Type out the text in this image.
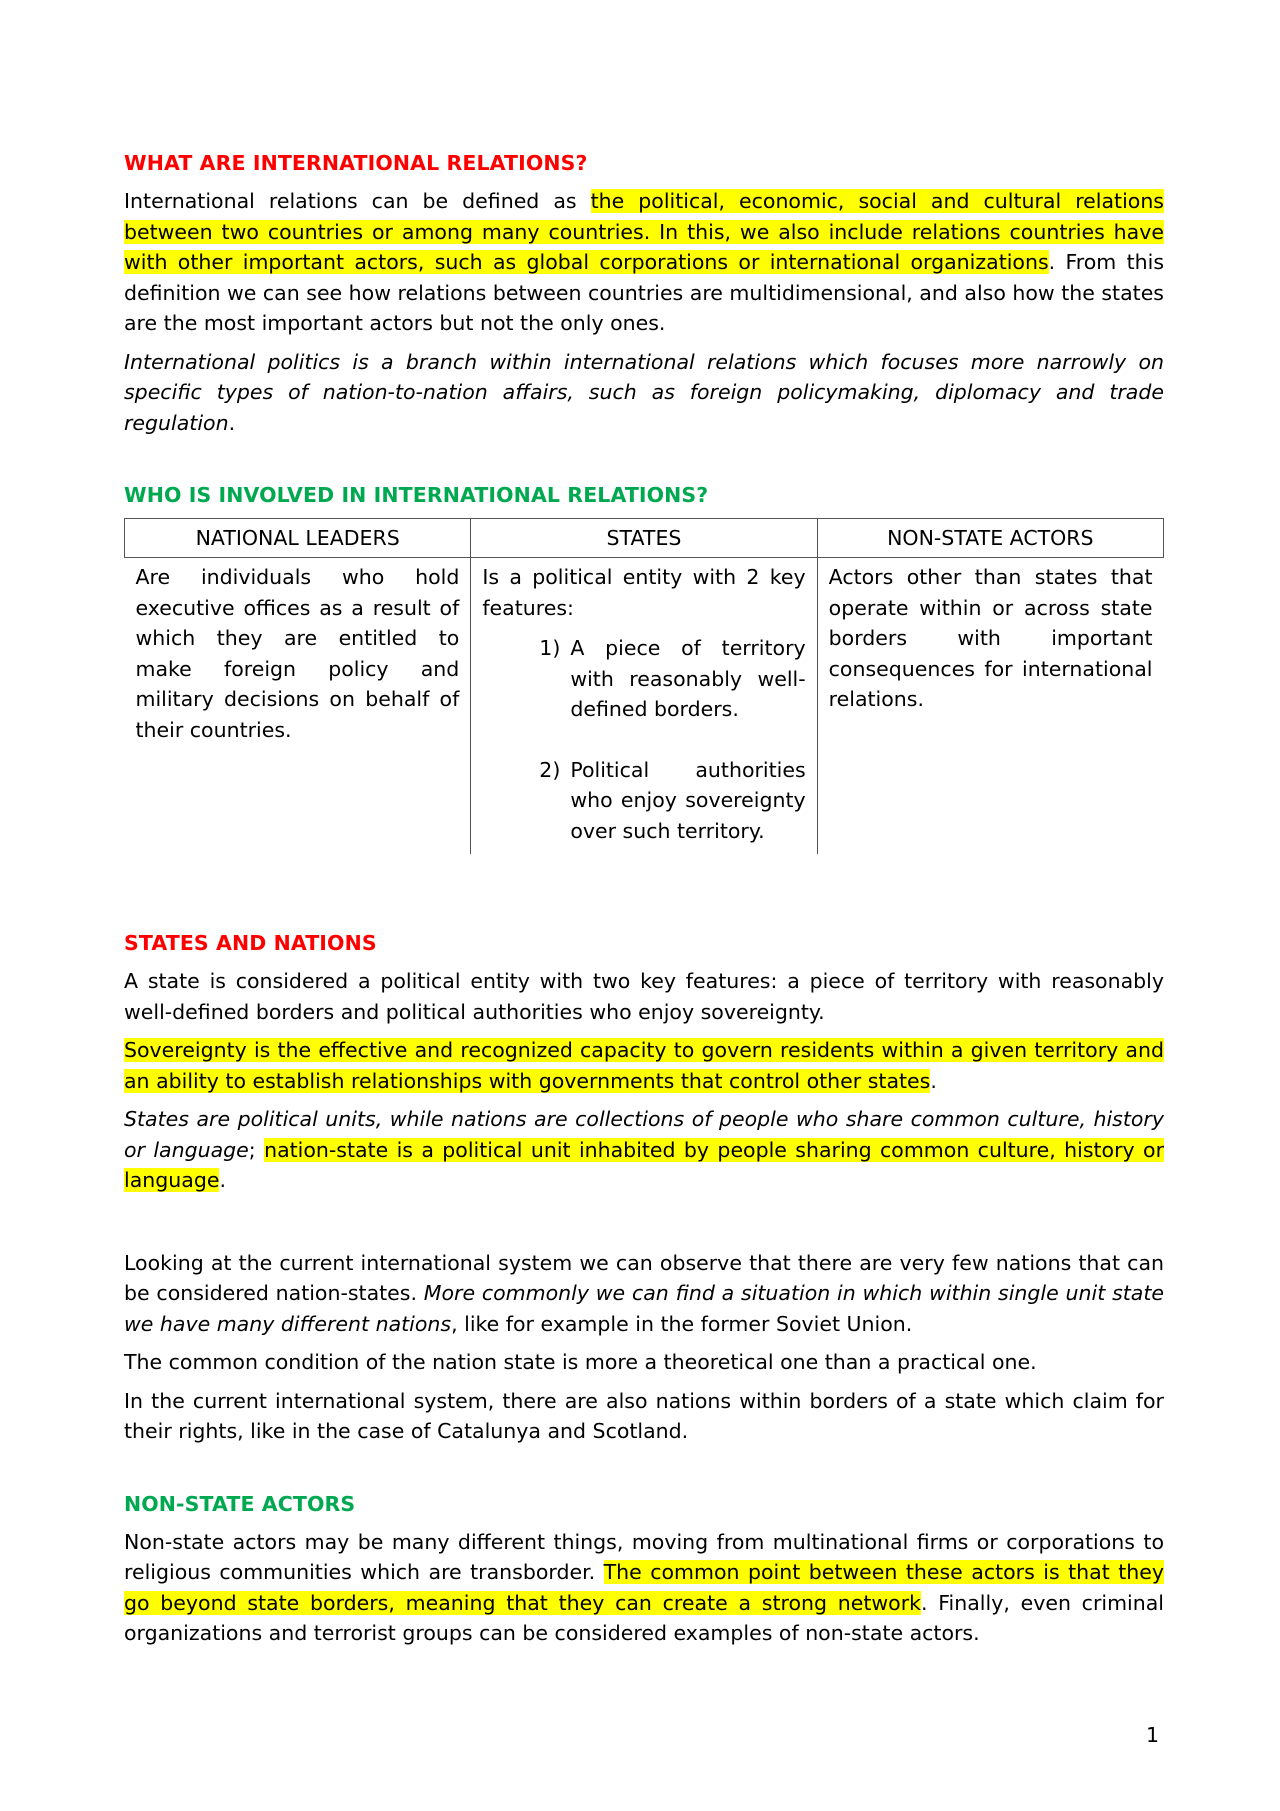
WHAT ARE INTERNATIONAL RELATIONS?

International relations can be defined as the political, economic, social and cultural relations between two countries or among many countries. In this, we also include relations countries have with other important actors, such as global corporations or international organizations. From this definition we can see how relations between countries are multidimensional, and also how the states are the most important actors but not the only ones.

International politics is a branch within international relations which focuses more narrowly on specific types of nation-to-nation affairs, such as foreign policymaking, diplomacy and trade regulation.

WHO IS INVOLVED IN INTERNATIONAL RELATIONS?
NATIONAL LEADERS	STATES	NON-STATE ACTORS
Are individuals who hold executive offices as a result of which they are entitled to make foreign policy and military decisions on behalf of their countries.	Is a political entity with 2 key features:
1) A piece of territory with reasonably well-defined borders.
2) Political authorities who enjoy sovereignty over such territory.	Actors other than states that operate within or across state borders with important consequences for international relations.
STATES AND NATIONS

A state is considered a political entity with two key features: a piece of territory with reasonably well-defined borders and political authorities who enjoy sovereignty.

Sovereignty is the effective and recognized capacity to govern residents within a given territory and an ability to establish relationships with governments that control other states.

States are political units, while nations are collections of people who share common culture, history or language; nation-state is a political unit inhabited by people sharing common culture, history or language.

Looking at the current international system we can observe that there are very few nations that can be considered nation-states. More commonly we can find a situation in which within single unit state we have many different nations, like for example in the former Soviet Union.

The common condition of the nation state is more a theoretical one than a practical one.

In the current international system, there are also nations within borders of a state which claim for their rights, like in the case of Catalunya and Scotland.

NON-STATE ACTORS

Non-state actors may be many different things, moving from multinational firms or corporations to religious communities which are transborder. The common point between these actors is that they go beyond state borders, meaning that they can create a strong network. Finally, even criminal organizations and terrorist groups can be considered examples of non-state actors.

1
